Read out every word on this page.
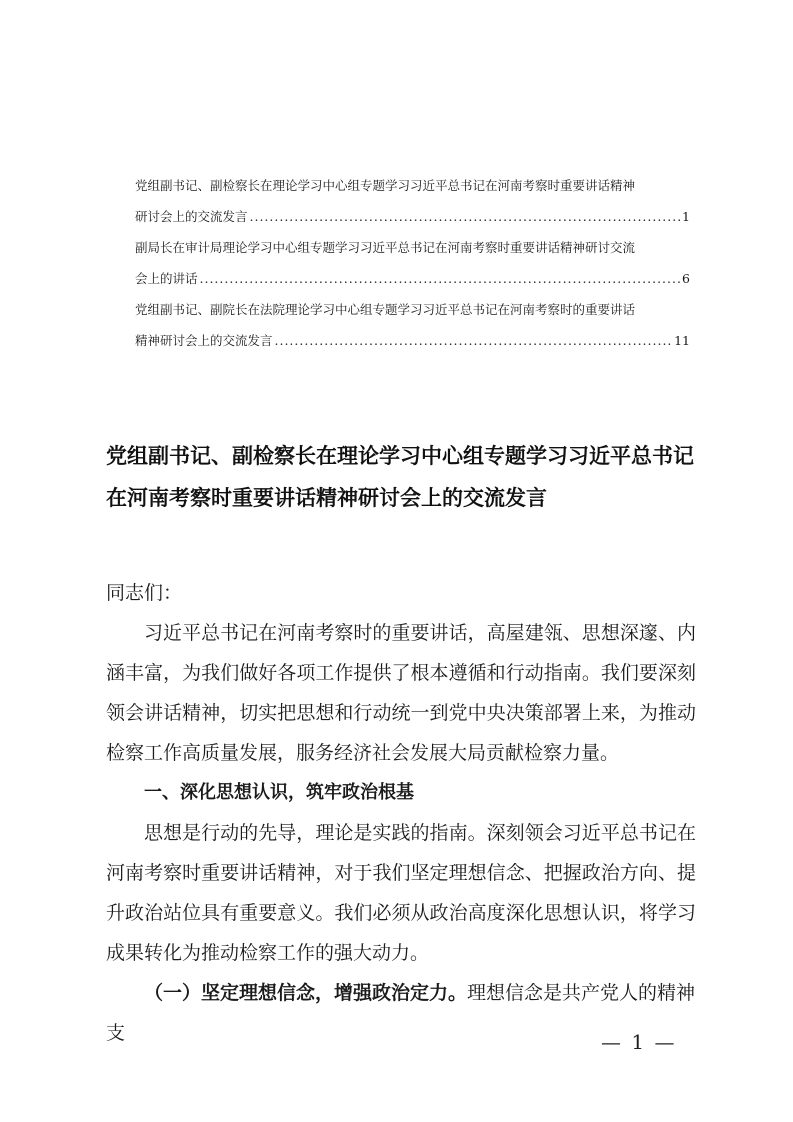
党组副书记、副检察长在理论学习中心组专题学习习近平总书记在河南考察时重要讲话精神
研讨会上的交流发言 .....	1
副局长在审计局理论学习中心组专题学习习近平总书记在河南考察时重要讲话精神研讨交流
会上的讲话 .....	6
党组副书记、副院长在法院理论学习中心组专题学习习近平总书记在河南考察时的重要讲话
精神研讨会上的交流发言 .....	11
党组副书记、副检察长在理论学习中心组专题学习习近平总书记
在河南考察时重要讲话精神研讨会上的交流发言

同志们：

习近平总书记在河南考察时的重要讲话，高屋建瓴、思想深邃、内涵丰富，为我们做好各项工作提供了根本遵循和行动指南。我们要深刻领会讲话精神，切实把思想和行动统一到党中央决策部署上来，为推动检察工作高质量发展，服务经济社会发展大局贡献检察力量。

一、深化思想认识，筑牢政治根基

思想是行动的先导，理论是实践的指南。深刻领会习近平总书记在河南考察时重要讲话精神，对于我们坚定理想信念、把握政治方向、提升政治站位具有重要意义。我们必须从政治高度深化思想认识，将学习成果转化为推动检察工作的强大动力。

（一）坚定理想信念，增强政治定力。理想信念是共产党人的精神支	— 1 —
